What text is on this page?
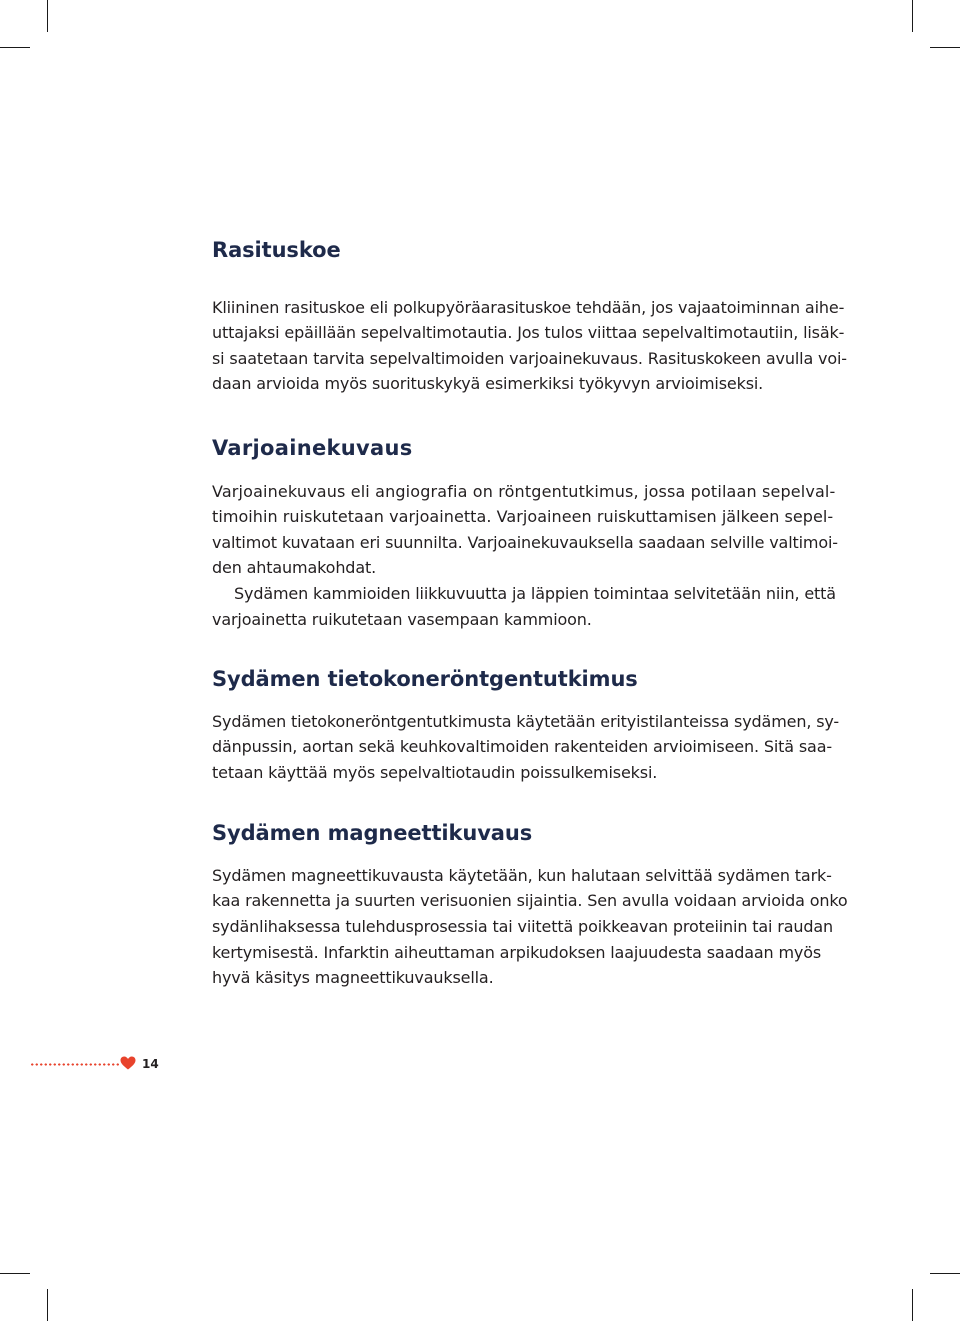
Rasituskoe
Kliininen rasituskoe eli polkupyöräarasituskoe tehdään, jos vajaatoiminnan aihe-
uttajaksi epäillään sepelvaltimotautia. Jos tulos viittaa sepelvaltimotautiin, lisäk-
si saatetaan tarvita sepelvaltimoiden varjoainekuvaus. Rasituskokeen avulla voi-
daan arvioida myös suorituskykyä esimerkiksi työkyvyn arvioimiseksi.
Varjoainekuvaus
Varjoainekuvaus eli angiografia on röntgentutkimus, jossa potilaan sepelval-
timoihin ruiskutetaan varjoainetta. Varjoaineen ruiskuttamisen jälkeen sepel-
valtimot kuvataan eri suunnilta. Varjoainekuvauksella saadaan selville valtimoi-
den ahtaumakohdat.
Sydämen kammioiden liikkuvuutta ja läppien toimintaa selvitetään niin, että
varjoainetta ruikutetaan vasempaan kammioon.
Sydämen tietokoneröntgentutkimus
Sydämen tietokoneröntgentutkimusta käytetään erityistilanteissa sydämen, sy-
dänpussin, aortan sekä keuhkovaltimoiden rakenteiden arvioimiseen. Sitä saa-
tetaan käyttää myös sepelvaltiotaudin poissulkemiseksi.
Sydämen magneettikuvaus
Sydämen magneettikuvausta käytetään, kun halutaan selvittää sydämen tark-
kaa rakennetta ja suurten verisuonien sijaintia. Sen avulla voidaan arvioida onko
sydänlihaksessa tulehdusprosessia tai viitettä poikkeavan proteiinin tai raudan
kertymisestä. Infarktin aiheuttaman arpikudoksen laajuudesta saadaan myös
hyvä käsitys magneettikuvauksella.
14
